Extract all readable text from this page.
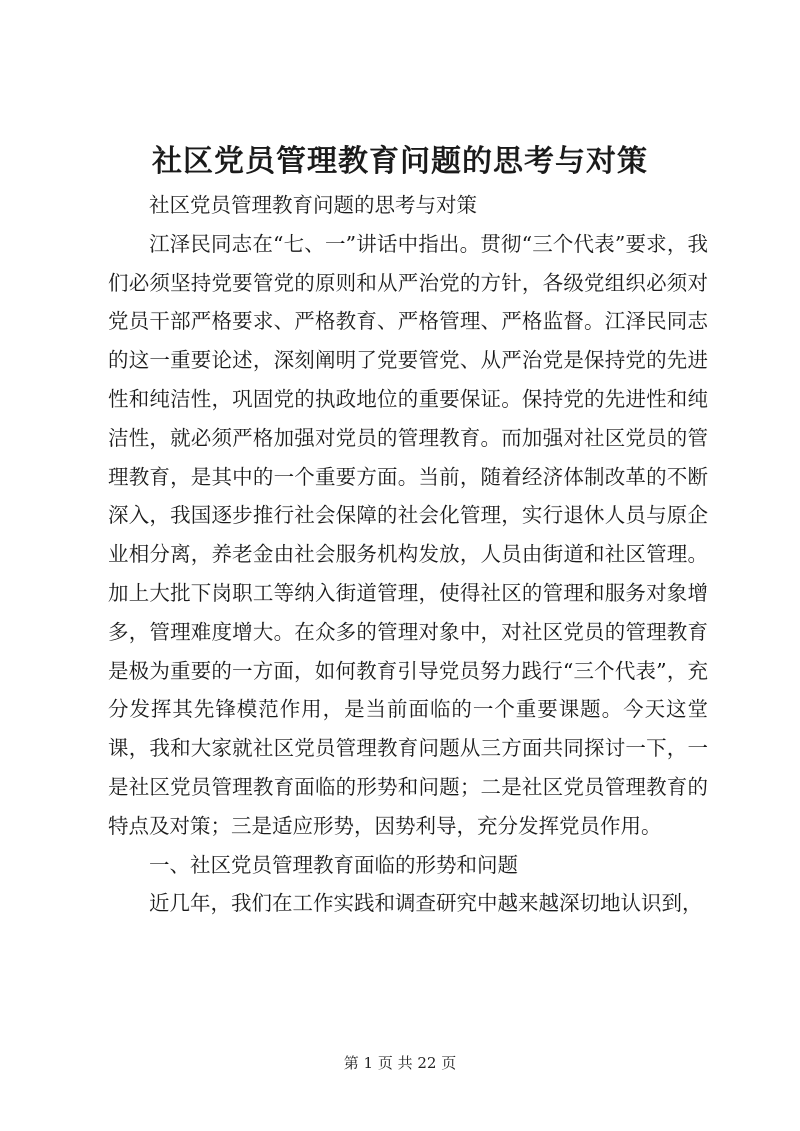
社区党员管理教育问题的思考与对策

社区党员管理教育问题的思考与对策

江泽民同志在“七、一”讲话中指出。贯彻“三个代表”要求，我们必须坚持党要管党的原则和从严治党的方针，各级党组织必须对党员干部严格要求、严格教育、严格管理、严格监督。江泽民同志的这一重要论述，深刻阐明了党要管党、从严治党是保持党的先进性和纯洁性，巩固党的执政地位的重要保证。保持党的先进性和纯洁性，就必须严格加强对党员的管理教育。而加强对社区党员的管理教育，是其中的一个重要方面。当前，随着经济体制改革的不断深入，我国逐步推行社会保障的社会化管理，实行退休人员与原企业相分离，养老金由社会服务机构发放，人员由街道和社区管理。加上大批下岗职工等纳入街道管理，使得社区的管理和服务对象增多，管理难度增大。在众多的管理对象中，对社区党员的管理教育是极为重要的一方面，如何教育引导党员努力践行“三个代表”，充分发挥其先锋模范作用，是当前面临的一个重要课题。今天这堂课，我和大家就社区党员管理教育问题从三方面共同探讨一下，一是社区党员管理教育面临的形势和问题；二是社区党员管理教育的特点及对策；三是适应形势，因势利导，充分发挥党员作用。

一、社区党员管理教育面临的形势和问题

近几年，我们在工作实践和调查研究中越来越深切地认识到，

第 1 页 共 22 页
